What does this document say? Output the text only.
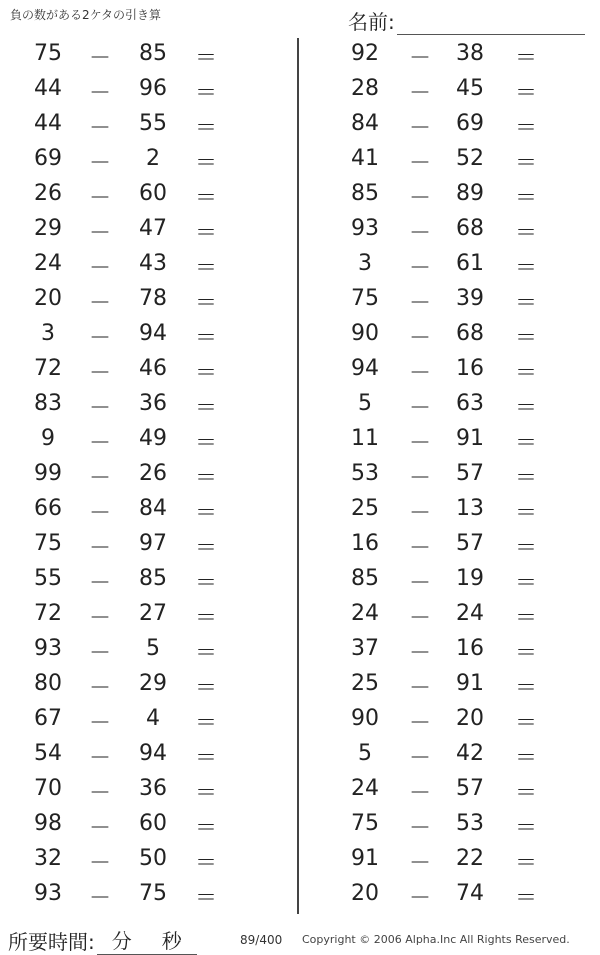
負の数がある2ケタの引き算	名前:
75	－	85	＝
44	－	96	＝
44	－	55	＝
69	－	2	＝
26	－	60	＝
29	－	47	＝
24	－	43	＝
20	－	78	＝
3	－	94	＝
72	－	46	＝
83	－	36	＝
9	－	49	＝
99	－	26	＝
66	－	84	＝
75	－	97	＝
55	－	85	＝
72	－	27	＝
93	－	5	＝
80	－	29	＝
67	－	4	＝
54	－	94	＝
70	－	36	＝
98	－	60	＝
32	－	50	＝
93	－	75	＝
92	－	38	＝
28	－	45	＝
84	－	69	＝
41	－	52	＝
85	－	89	＝
93	－	68	＝
3	－	61	＝
75	－	39	＝
90	－	68	＝
94	－	16	＝
5	－	63	＝
11	－	91	＝
53	－	57	＝
25	－	13	＝
16	－	57	＝
85	－	19	＝
24	－	24	＝
37	－	16	＝
25	－	91	＝
90	－	20	＝
5	－	42	＝
24	－	57	＝
75	－	53	＝
91	－	22	＝
20	－	74	＝
所要時間: 分 秒	89/400 Copyright © 2006 Alpha.Inc All Rights Reserved.
